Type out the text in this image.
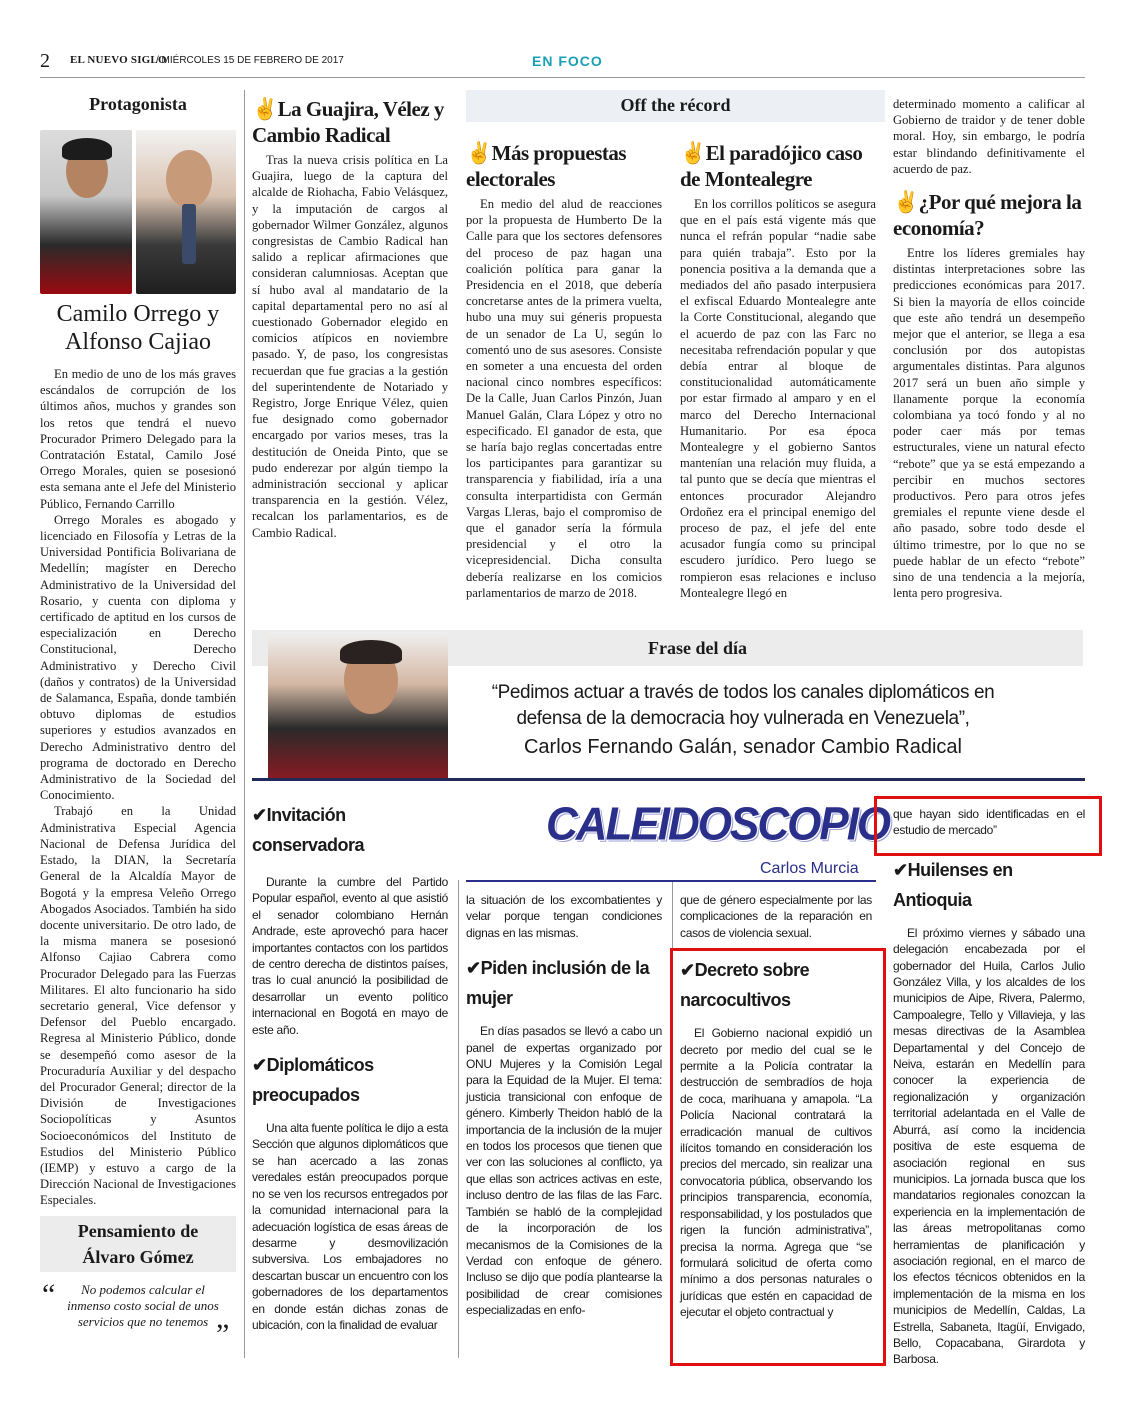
2 EL NUEVO SIGLO
/ MIÉRCOLES 15 DE FEBRERO DE 2017	EN FOCO
Protagonista
Camilo Orrego y
Alfonso Cajiao

En medio de uno de los más graves escándalos de corrupción de los últimos años, muchos y grandes son los retos que tendrá el nuevo Procurador Primero Delegado para la Contratación Estatal, Camilo José Orrego Morales, quien se posesionó esta semana ante el Jefe del Ministerio Público, Fernando Carrillo

Orrego Morales es abogado y licenciado en Filosofía y Letras de la Universidad Pontificia Bolivariana de Medellín; magíster en Derecho Administrativo de la Universidad del Rosario, y cuenta con diploma y certificado de aptitud en los cursos de especialización en Derecho Constitucional, Derecho Administrativo y Derecho Civil (daños y contratos) de la Universidad de Salamanca, España, donde también obtuvo diplomas de estudios superiores y estudios avanzados en Derecho Administrativo dentro del programa de doctorado en Derecho Administrativo de la Sociedad del Conocimiento.

Trabajó en la Unidad Administrativa Especial Agencia Nacional de Defensa Jurídica del Estado, la DIAN, la Secretaría General de la Alcaldía Mayor de Bogotá y la empresa Veleño Orrego Abogados Asociados. También ha sido docente universitario. De otro lado, de la misma manera se posesionó Alfonso Cajiao Cabrera como Procurador Delegado para las Fuerzas Militares. El alto funcionario ha sido secretario general, Vice defensor y Defensor del Pueblo encargado. Regresa al Ministerio Público, donde se desempeñó como asesor de la Procuraduría Auxiliar y del despacho del Procurador General; director de la División de Investigaciones Sociopolíticas y Asuntos Socioeconómicos del Instituto de Estudios del Ministerio Público (IEMP) y estuvo a cargo de la Dirección Nacional de Investigaciones Especiales.

Pensamiento de
Álvaro Gómez
“	No podemos calcular el inmenso costo social de unos servicios que no tenemos ”
✌La Guajira, Vélez y Cambio Radical

Tras la nueva crisis política en La Guajira, luego de la captura del alcalde de Riohacha, Fabio Velásquez, y la imputación de cargos al gobernador Wilmer González, algunos congresistas de Cambio Radical han salido a replicar afirmaciones que consideran calumniosas. Aceptan que sí hubo aval al mandatario de la capital departamental pero no así al cuestionado Gobernador elegido en comicios atípicos en noviembre pasado. Y, de paso, los congresistas recuerdan que fue gracias a la gestión del superintendente de Notariado y Registro, Jorge Enrique Vélez, quien fue designado como gobernador encargado por varios meses, tras la destitución de Oneida Pinto, que se pudo enderezar por algún tiempo la administración seccional y aplicar transparencia en la gestión. Vélez, recalcan los parlamentarios, es de Cambio Radical.

Off the récord
✌Más propuestas electorales

En medio del alud de reacciones por la propuesta de Humberto De la Calle para que los sectores defensores del proceso de paz hagan una coalición política para ganar la Presidencia en el 2018, que debería concretarse antes de la primera vuelta, hubo una muy sui géneris propuesta de un senador de La U, según lo comentó uno de sus asesores. Consiste en someter a una encuesta del orden nacional cinco nombres específicos: De la Calle, Juan Carlos Pinzón, Juan Manuel Galán, Clara López y otro no especificado. El ganador de esta, que se haría bajo reglas concertadas entre los participantes para garantizar su transparencia y fiabilidad, iría a una consulta interpartidista con Germán Vargas Lleras, bajo el compromiso de que el ganador sería la fórmula presidencial y el otro la vicepresidencial. Dicha consulta debería realizarse en los comicios parlamentarios de marzo de 2018.

✌El paradójico caso de Montealegre

En los corrillos políticos se asegura que en el país está vigente más que nunca el refrán popular “nadie sabe para quién trabaja”. Esto por la ponencia positiva a la demanda que a mediados del año pasado interpusiera el exfiscal Eduardo Montealegre ante la Corte Constitucional, alegando que el acuerdo de paz con las Farc no necesitaba refrendación popular y que debía entrar al bloque de constitucionalidad automáticamente por estar firmado al amparo y en el marco del Derecho Internacional Humanitario. Por esa época Montealegre y el gobierno Santos mantenían una relación muy fluida, a tal punto que se decía que mientras el entonces procurador Alejandro Ordoñez era el principal enemigo del proceso de paz, el jefe del ente acusador fungía como su principal escudero jurídico. Pero luego se rompieron esas relaciones e incluso Montealegre llegó en

determinado momento a calificar al Gobierno de traidor y de tener doble moral. Hoy, sin embargo, le podría estar blindando definitivamente el acuerdo de paz.
✌¿Por qué mejora la economía?

Entre los líderes gremiales hay distintas interpretaciones sobre las predicciones económicas para 2017. Si bien la mayoría de ellos coincide que este año tendrá un desempeño mejor que el anterior, se llega a esa conclusión por dos autopistas argumentales distintas. Para algunos 2017 será un buen año simple y llanamente porque la economía colombiana ya tocó fondo y al no poder caer más por temas estructurales, viene un natural efecto “rebote” que ya se está empezando a percibir en muchos sectores productivos. Pero para otros jefes gremiales el repunte viene desde el año pasado, sobre todo desde el último trimestre, por lo que no se puede hablar de un efecto “rebote” sino de una tendencia a la mejoría, lenta pero progresiva.

Frase del día
“Pedimos actuar a través de todos los canales diplomáticos en defensa de la democracia hoy vulnerada en Venezuela”,
Carlos Fernando Galán, senador Cambio Radical
CALEIDOSCOPIO
Carlos Murcia
✔Invitación conservadora

Durante la cumbre del Partido Popular español, evento al que asistió el senador colombiano Hernán Andrade, este aprovechó para hacer importantes contactos con los partidos de centro derecha de distintos países, tras lo cual anunció la posibilidad de desarrollar un evento político internacional en Bogotá en mayo de este año.

✔Diplomáticos preocupados

Una alta fuente política le dijo a esta Sección que algunos diplomáticos que se han acercado a las zonas veredales están preocupados porque no se ven los recursos entregados por la comunidad internacional para la adecuación logística de esas áreas de desarme y desmovilización subversiva. Los embajadores no descartan buscar un encuentro con los gobernadores de los departamentos en donde están dichas zonas de ubicación, con la finalidad de evaluar

la situación de los excombatientes y velar porque tengan condiciones dignas en las mismas.
✔Piden inclusión de la mujer

En días pasados se llevó a cabo un panel de expertas organizado por ONU Mujeres y la Comisión Legal para la Equidad de la Mujer. El tema: justicia transicional con enfoque de género. Kimberly Theidon habló de la importancia de la inclusión de la mujer en todos los procesos que tienen que ver con las soluciones al conflicto, ya que ellas son actrices activas en este, incluso dentro de las filas de las Farc. También se habló de la complejidad de la incorporación de los mecanismos de la Comisiones de la Verdad con enfoque de género. Incluso se dijo que podía plantearse la posibilidad de crear comisiones especializadas en enfo-

que de género especialmente por las complicaciones de la reparación en casos de violencia sexual.
✔Decreto sobre narcocultivos

El Gobierno nacional expidió un decreto por medio del cual se le permite a la Policía contratar la destrucción de sembradíos de hoja de coca, marihuana y amapola. “La Policía Nacional contratará la erradicación manual de cultivos ilícitos tomando en consideración los precios del mercado, sin realizar una convocatoria pública, observando los principios transparencia, economía, responsabilidad, y los postulados que rigen la función administrativa”, precisa la norma. Agrega que “se formulará solicitud de oferta como mínimo a dos personas naturales o jurídicas que estén en capacidad de ejecutar el objeto contractual y

que hayan sido identificadas en el estudio de mercado”
✔Huilenses en Antioquia

El próximo viernes y sábado una delegación encabezada por el gobernador del Huila, Carlos Julio González Villa, y los alcaldes de los municipios de Aipe, Rivera, Palermo, Campoalegre, Tello y Villavieja, y las mesas directivas de la Asamblea Departamental y del Concejo de Neiva, estarán en Medellín para conocer la experiencia de regionalización y organización territorial adelantada en el Valle de Aburrá, así como la incidencia positiva de este esquema de asociación regional en sus municipios. La jornada busca que los mandatarios regionales conozcan la experiencia en la implementación de las áreas metropolitanas como herramientas de planificación y asociación regional, en el marco de los efectos técnicos obtenidos en la implementación de la misma en los municipios de Medellín, Caldas, La Estrella, Sabaneta, Itagüí, Envigado, Bello, Copacabana, Girardota y Barbosa.
